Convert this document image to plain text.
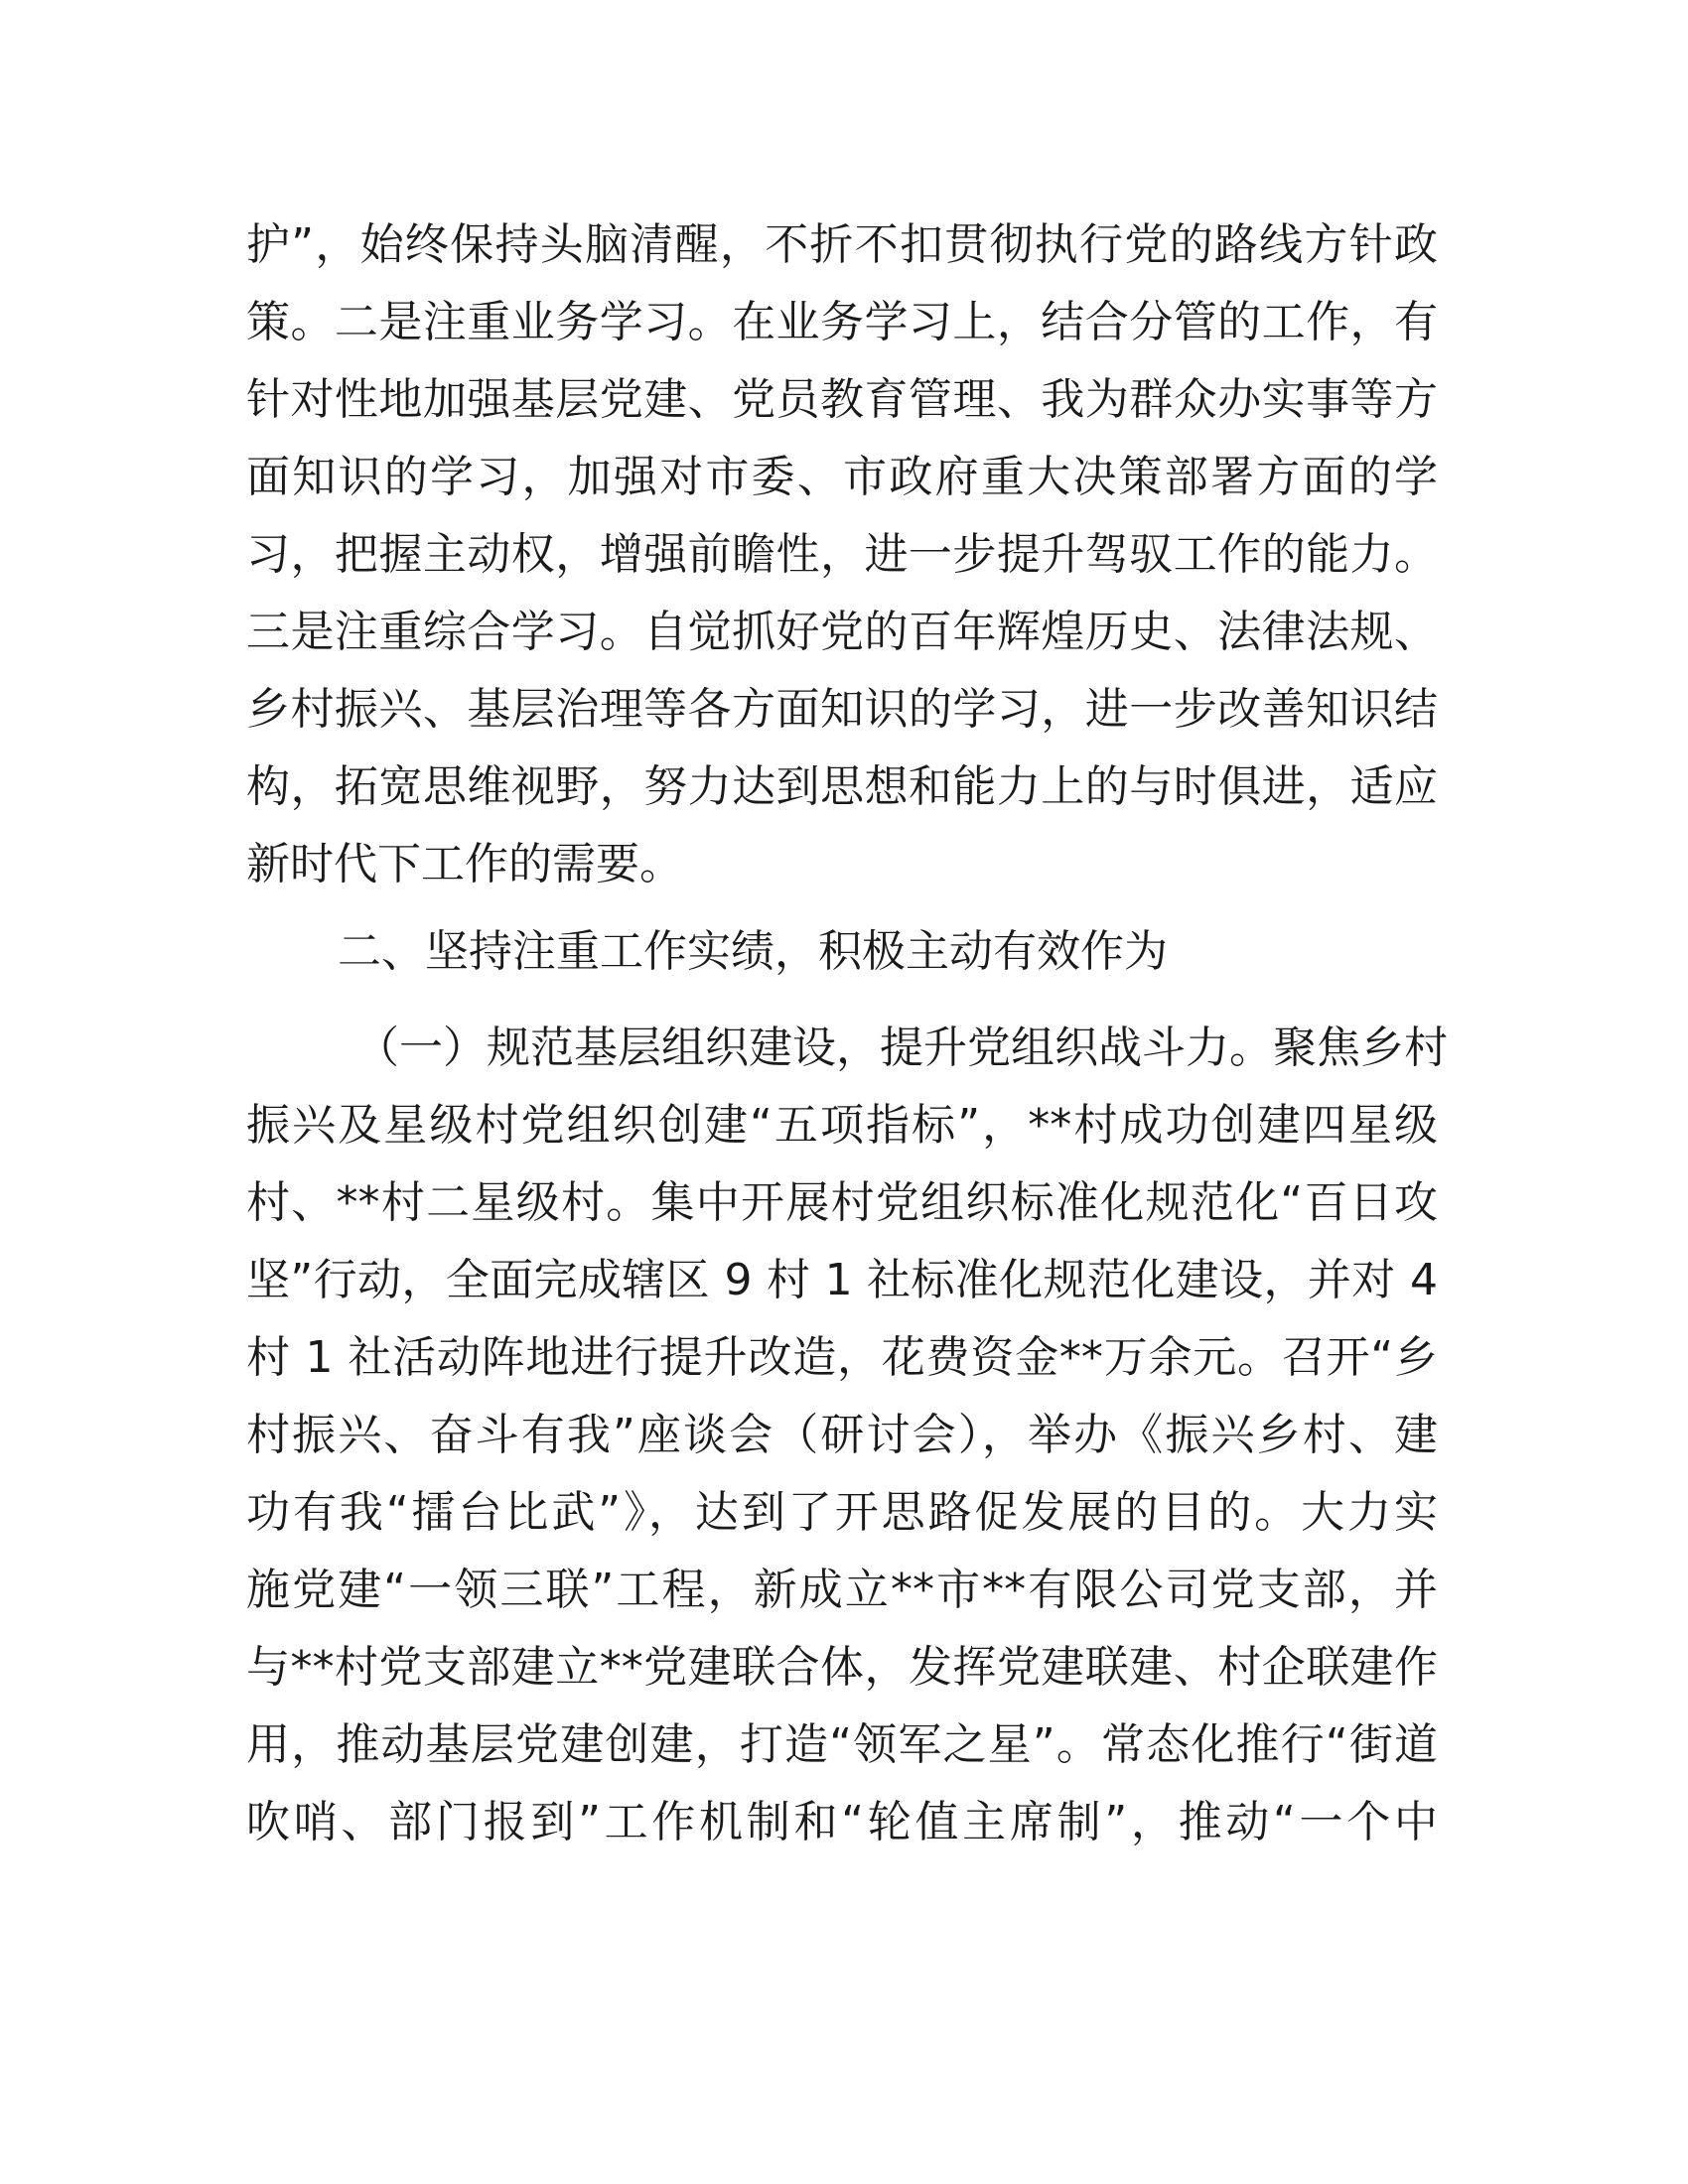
护”，始终保持头脑清醒，不折不扣贯彻执行党的路线方针政
策。二是注重业务学习。在业务学习上，结合分管的工作，有
针对性地加强基层党建、党员教育管理、我为群众办实事等方
面知识的学习，加强对市委、市政府重大决策部署方面的学
习，把握主动权，增强前瞻性，进一步提升驾驭工作的能力。
三是注重综合学习。自觉抓好党的百年辉煌历史、法律法规、
乡村振兴、基层治理等各方面知识的学习，进一步改善知识结
构，拓宽思维视野，努力达到思想和能力上的与时俱进，适应
新时代下工作的需要。
二、坚持注重工作实绩，积极主动有效作为
（一）规范基层组织建设，提升党组织战斗力。聚焦乡村
振兴及星级村党组织创建“五项指标”，**村成功创建四星级
村、**村二星级村。集中开展村党组织标准化规范化“百日攻
坚”行动，全面完成辖区 9 村 1 社标准化规范化建设，并对 4
村 1 社活动阵地进行提升改造，花费资金**万余元。召开“乡
村振兴、奋斗有我”座谈会（研讨会），举办《振兴乡村、建
功有我“擂台比武”》，达到了开思路促发展的目的。大力实
施党建“一领三联”工程，新成立**市**有限公司党支部，并
与**村党支部建立**党建联合体，发挥党建联建、村企联建作
用，推动基层党建创建，打造“领军之星”。常态化推行“街道
吹哨、部门报到”工作机制和“轮值主席制”，推动“一个中
